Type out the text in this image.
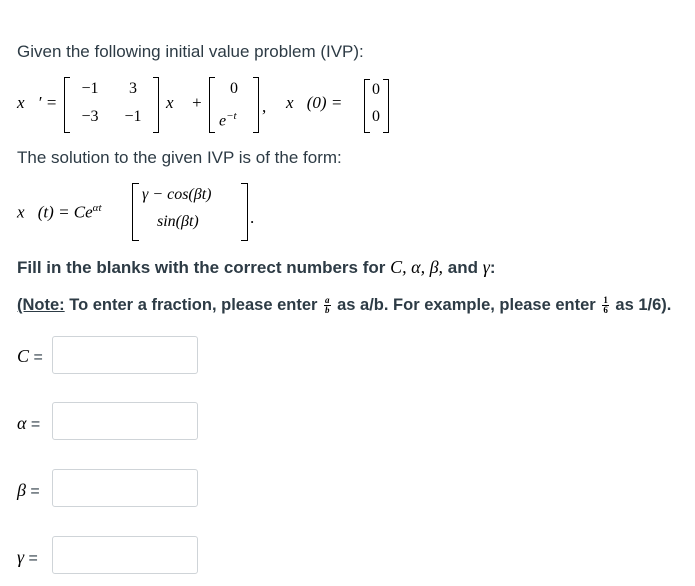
Given the following initial value problem (IVP):
x⃗′ =
−1	3
−3	−1
x⃗ +
0
$e^{-t}$ , x⃗(0) =
0
0
The solution to the given IVP is of the form:
x⃗(t) = $Ce^{\alpha t}$
γ − cos(βt)
sin(βt)	.
Fill in the blanks with the correct numbers for C, α, β, and γ:
(Note: To enter a fraction, please enter $\frac{a}{b}$ as a/b. For example, please enter $\frac{1}{6}$ as 1/6).
C =
α =
β =
γ =
